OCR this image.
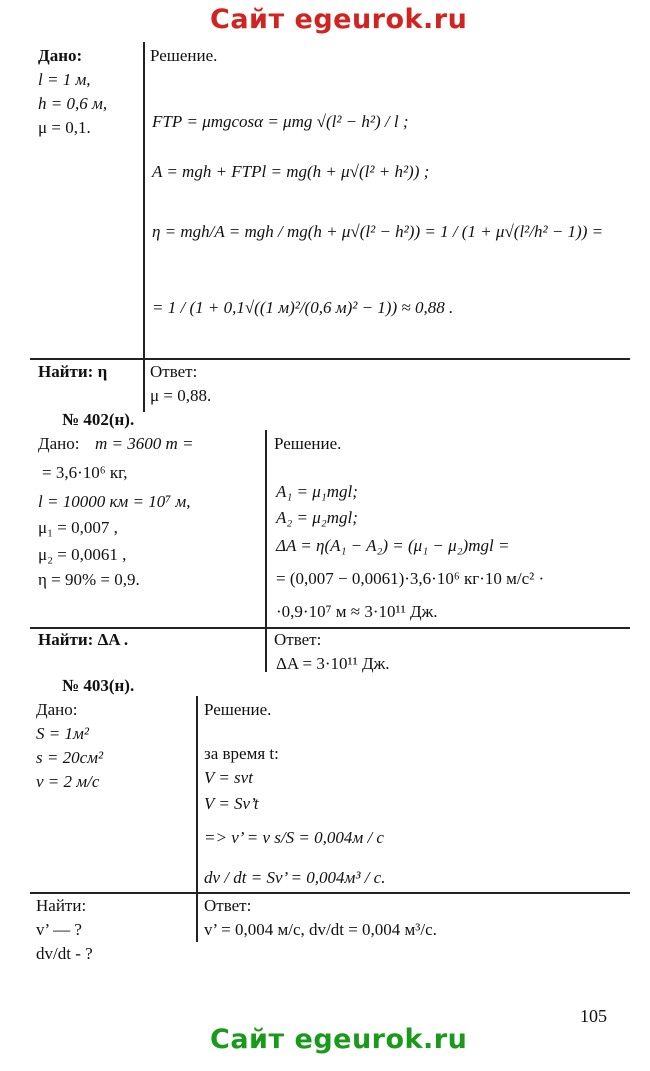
Сайт egeurok.ru
Дано:
l = 1 м,
h = 0,6 м,
μ = 0,1.
Решение.
FТР = μmgcosα = μmg √(l² − h²) / l ;
A = mgh + FТРl = mg(h + μ√(l² + h²)) ;
η = mgh/A = mgh / mg(h + μ√(l² − h²)) = 1 / (1 + μ√(l²/h² − 1)) =
= 1 / (1 + 0,1√((1 м)²/(0,6 м)² − 1)) ≈ 0,88 .
Найти: η	Ответ:
μ = 0,88.
№ 402(н).
Дано: m = 3600 т =
= 3,6·10⁶ кг,
l = 10000 км = 10⁷ м,
μ₁ = 0,007 ,
μ₂ = 0,0061 ,
η = 90% = 0,9.
Решение.
A₁ = μ₁mgl;
A₂ = μ₂mgl;
ΔA = η(A₁ − A₂) = (μ₁ − μ₂)mgl =
= (0,007 − 0,0061)·3,6·10⁶ кг·10 м/с² ·
·0,9·10⁷ м ≈ 3·10¹¹ Дж.
Найти: ΔA .	Ответ:
ΔA = 3·10¹¹ Дж.
№ 403(н).
Дано:
S = 1м²
s = 20см²
v = 2 м/с
Решение.
за время t:
V = svt
V = Sv’t
=> v’ = v s/S = 0,004м / с
dv / dt = Sv’ = 0,004м³ / с.
Найти:
v’ — ?
dv/dt - ?
Ответ:
v’ = 0,004 м/с, dv/dt = 0,004 м³/с.
105
Сайт egeurok.ru
